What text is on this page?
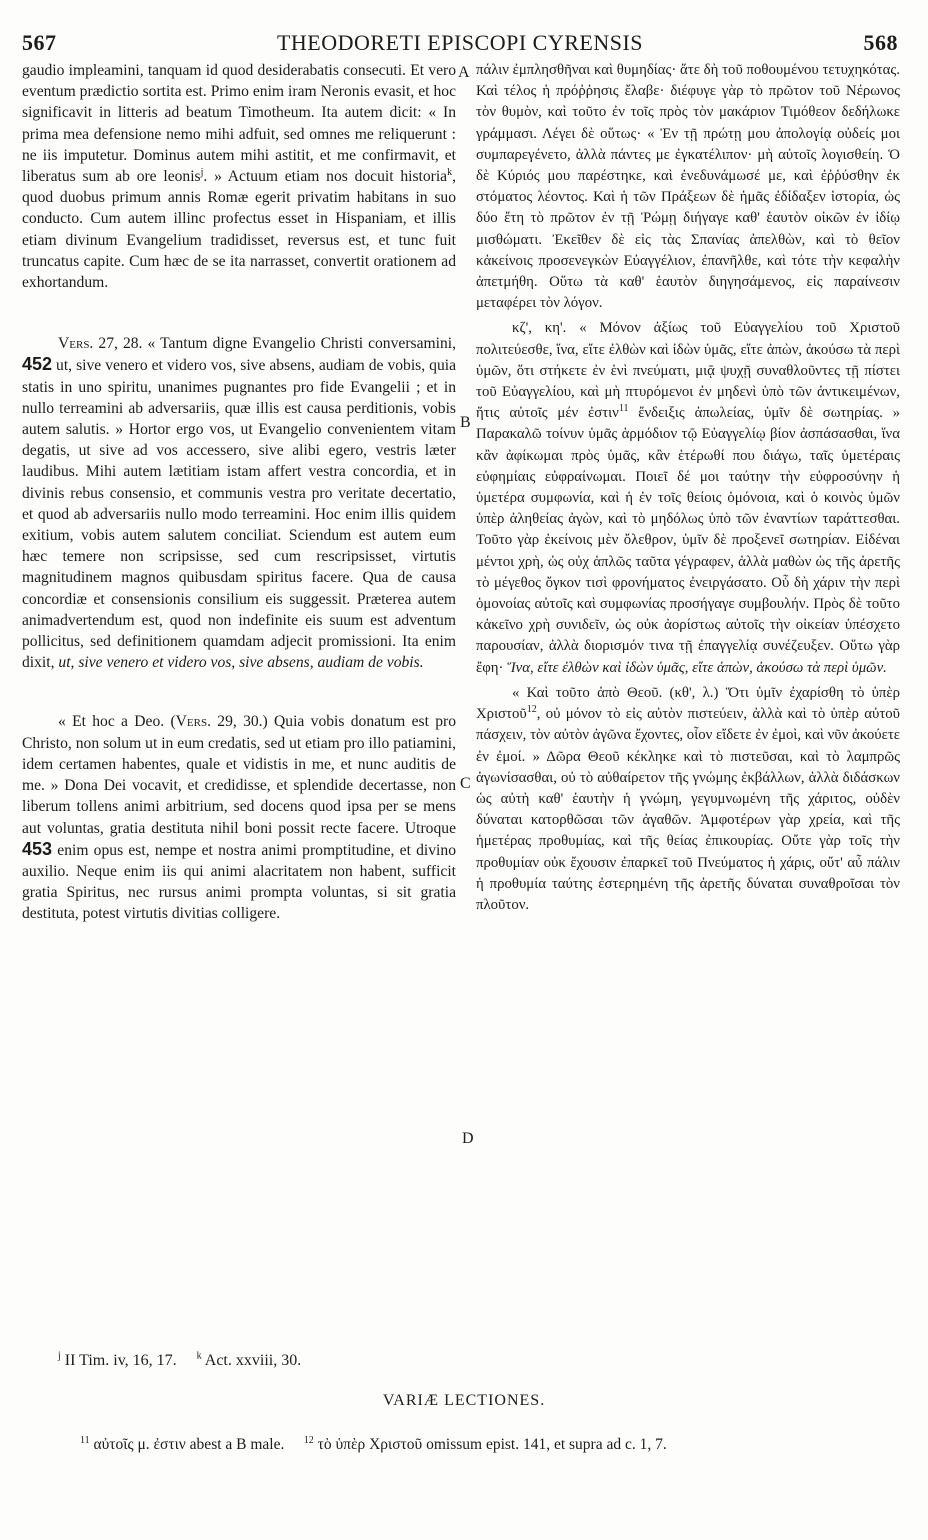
567	THEODORETI EPISCOPI CYRENSIS	568

gaudio impleamini, tanquam id quod desiderabatis consecuti. Et vero eventum prædictio sortita est. Primo enim iram Neronis evasit, et hoc significavit in litteris ad beatum Timotheum. Ita autem dicit: « In prima mea defensione nemo mihi adfuit, sed omnes me reliquerunt : ne iis imputetur. Dominus autem mihi astitit, et me confirmavit, et liberatus sum ab ore leonis$^j$. » Actuum etiam nos docuit historia$^k$, quod duobus primum annis Romæ egerit privatim habitans in suo conducto. Cum autem illinc profectus esset in Hispaniam, et illis etiam divinum Evangelium tradidisset, reversus est, et tunc fuit truncatus capite. Cum hæc de se ita narrasset, convertit orationem ad exhortandum.

Vers. 27, 28. « Tantum digne Evangelio Christi conversamini, 452 ut, sive venero et videro vos, sive absens, audiam de vobis, quia statis in uno spiritu, unanimes pugnantes pro fide Evangelii ; et in nullo terreamini ab adversariis, quæ illis est causa perditionis, vobis autem salutis. » Hortor ergo vos, ut Evangelio convenientem vitam degatis, ut sive ad vos accessero, sive alibi egero, vestris læter laudibus. Mihi autem lætitiam istam affert vestra concordia, et in divinis rebus consensio, et communis vestra pro veritate decertatio, et quod ab adversariis nullo modo terreamini. Hoc enim illis quidem exitium, vobis autem salutem conciliat. Sciendum est autem eum hæc temere non scripsisse, sed cum rescripsisset, virtutis magnitudinem magnos quibusdam spiritus facere. Qua de causa concordiæ et consensionis consilium eis suggessit. Præterea autem animadvertendum est, quod non indefinite eis suum est adventum pollicitus, sed definitionem quamdam adjecit promissioni. Ita enim dixit, ut, sive venero et videro vos, sive absens, audiam de vobis.

« Et hoc a Deo. (Vers. 29, 30.) Quia vobis donatum est pro Christo, non solum ut in eum credatis, sed ut etiam pro illo patiamini, idem certamen habentes, quale et vidistis in me, et nunc auditis de me. » Dona Dei vocavit, et credidisse, et splendide decertasse, non liberum tollens animi arbitrium, sed docens quod ipsa per se mens aut voluntas, gratia destituta nihil boni possit recte facere. Utroque 453 enim opus est, nempe et nostra animi promptitudine, et divino auxilio. Neque enim iis qui animi alacritatem non habent, sufficit gratia Spiritus, nec rursus animi prompta voluntas, si sit gratia destituta, potest virtutis divitias colligere.

πάλιν ἐμπλησθῆναι καὶ θυμηδίας· ἅτε δὴ τοῦ ποθουμένου τετυχηκότας. Καὶ τέλος ἡ πρόῤῥησις ἔλαβε· διέφυγε γὰρ τὸ πρῶτον τοῦ Νέρωνος τὸν θυμὸν, καὶ τοῦτο ἐν τοῖς πρὸς τὸν μακάριον Τιμόθεον δεδήλωκε γράμμασι. Λέγει δὲ οὕτως· « Ἐν τῇ πρώτῃ μου ἀπολογίᾳ οὐδείς μοι συμπαρεγένετο, ἀλλὰ πάντες με ἐγκατέλιπον· μὴ αὐτοῖς λογισθείη. Ὁ δὲ Κύριός μου παρέστηκε, καὶ ἐνεδυνάμωσέ με, καὶ ἐῤῥύσθην ἐκ στόματος λέοντος. Καὶ ἡ τῶν Πράξεων δὲ ἡμᾶς ἐδίδαξεν ἱστορία, ὡς δύο ἔτη τὸ πρῶτον ἐν τῇ Ῥώμῃ διήγαγε καθ' ἑαυτὸν οἰκῶν ἐν ἰδίῳ μισθώματι. Ἐκεῖθεν δὲ εἰς τὰς Σπανίας ἀπελθὼν, καὶ τὸ θεῖον κἀκείνοις προσενεγκὼν Εὐαγγέλιον, ἐπανῆλθε, καὶ τότε τὴν κεφαλὴν ἀπετμήθη. Οὕτω τὰ καθ' ἑαυτὸν διηγησάμενος, εἰς παραίνεσιν μεταφέρει τὸν λόγον.

κζ', κη'. « Μόνον ἀξίως τοῦ Εὐαγγελίου τοῦ Χριστοῦ πολιτεύεσθε, ἵνα, εἴτε ἐλθὼν καὶ ἰδὼν ὑμᾶς, εἴτε ἀπὼν, ἀκούσω τὰ περὶ ὑμῶν, ὅτι στήκετε ἐν ἑνὶ πνεύματι, μιᾷ ψυχῇ συναθλοῦντες τῇ πίστει τοῦ Εὐαγγελίου, καὶ μὴ πτυρόμενοι ἐν μηδενὶ ὑπὸ τῶν ἀντικειμένων, ἥτις αὐτοῖς μέν ἐστιν$^{11}$ ἔνδειξις ἀπωλείας, ὑμῖν δὲ σωτηρίας. » Παρακαλῶ τοίνυν ὑμᾶς ἁρμόδιον τῷ Εὐαγγελίῳ βίον ἀσπάσασθαι, ἵνα κἂν ἀφίκωμαι πρὸς ὑμᾶς, κἂν ἑτέρωθί που διάγω, ταῖς ὑμετέραις εὐφημίαις εὐφραίνωμαι. Ποιεῖ δέ μοι ταύτην τὴν εὐφροσύνην ἡ ὑμετέρα συμφωνία, καὶ ἡ ἐν τοῖς θείοις ὁμόνοια, καὶ ὁ κοινὸς ὑμῶν ὑπὲρ ἀληθείας ἀγὼν, καὶ τὸ μηδόλως ὑπὸ τῶν ἐναντίων ταράττεσθαι. Τοῦτο γὰρ ἐκείνοις μὲν ὄλεθρον, ὑμῖν δὲ προξενεῖ σωτηρίαν. Εἰδέναι μέντοι χρὴ, ὡς οὐχ ἁπλῶς ταῦτα γέγραφεν, ἀλλὰ μαθὼν ὡς τῆς ἀρετῆς τὸ μέγεθος ὄγκον τισὶ φρονήματος ἐνειργάσατο. Οὗ δὴ χάριν τὴν περὶ ὁμονοίας αὐτοῖς καὶ συμφωνίας προσήγαγε συμβουλήν. Πρὸς δὲ τοῦτο κἀκεῖνο χρὴ συνιδεῖν, ὡς οὐκ ἀορίστως αὐτοῖς τὴν οἰκείαν ὑπέσχετο παρουσίαν, ἀλλὰ διορισμόν τινα τῇ ἐπαγγελίᾳ συνέζευξεν. Οὕτω γὰρ ἔφη· Ἵνα, εἴτε ἐλθὼν καὶ ἰδὼν ὑμᾶς, εἴτε ἀπὼν, ἀκούσω τὰ περὶ ὑμῶν.

« Καὶ τοῦτο ἀπὸ Θεοῦ. (κθ', λ.) Ὅτι ὑμῖν ἐχαρίσθη τὸ ὑπὲρ Χριστοῦ$^{12}$, οὐ μόνον τὸ εἰς αὐτὸν πιστεύειν, ἀλλὰ καὶ τὸ ὑπὲρ αὐτοῦ πάσχειν, τὸν αὐτὸν ἀγῶνα ἔχοντες, οἷον εἴδετε ἐν ἐμοὶ, καὶ νῦν ἀκούετε ἐν ἐμοί. » Δῶρα Θεοῦ κέκληκε καὶ τὸ πιστεῦσαι, καὶ τὸ λαμπρῶς ἀγωνίσασθαι, οὐ τὸ αὐθαίρετον τῆς γνώμης ἐκβάλλων, ἀλλὰ διδάσκων ὡς αὐτὴ καθ' ἑαυτὴν ἡ γνώμη, γεγυμνωμένη τῆς χάριτος, οὐδὲν δύναται κατορθῶσαι τῶν ἀγαθῶν. Ἀμφοτέρων γὰρ χρεία, καὶ τῆς ἡμετέρας προθυμίας, καὶ τῆς θείας ἐπικουρίας. Οὔτε γὰρ τοῖς τὴν προθυμίαν οὐκ ἔχουσιν ἐπαρκεῖ τοῦ Πνεύματος ἡ χάρις, οὔτ' αὖ πάλιν ἡ προθυμία ταύτης ἐστερημένη τῆς ἀρετῆς δύναται συναθροῖσαι τὸν πλοῦτον.

A
B
C
D
$^j$ II Tim. iv, 16, 17. $^k$ Act. xxviii, 30.
VARIÆ LECTIONES.
$^{11}$ αὐτοῖς μ. ἐστιν abest a B male. $^{12}$ τὸ ὑπὲρ Χριστοῦ omissum epist. 141, et supra ad c. 1, 7.
